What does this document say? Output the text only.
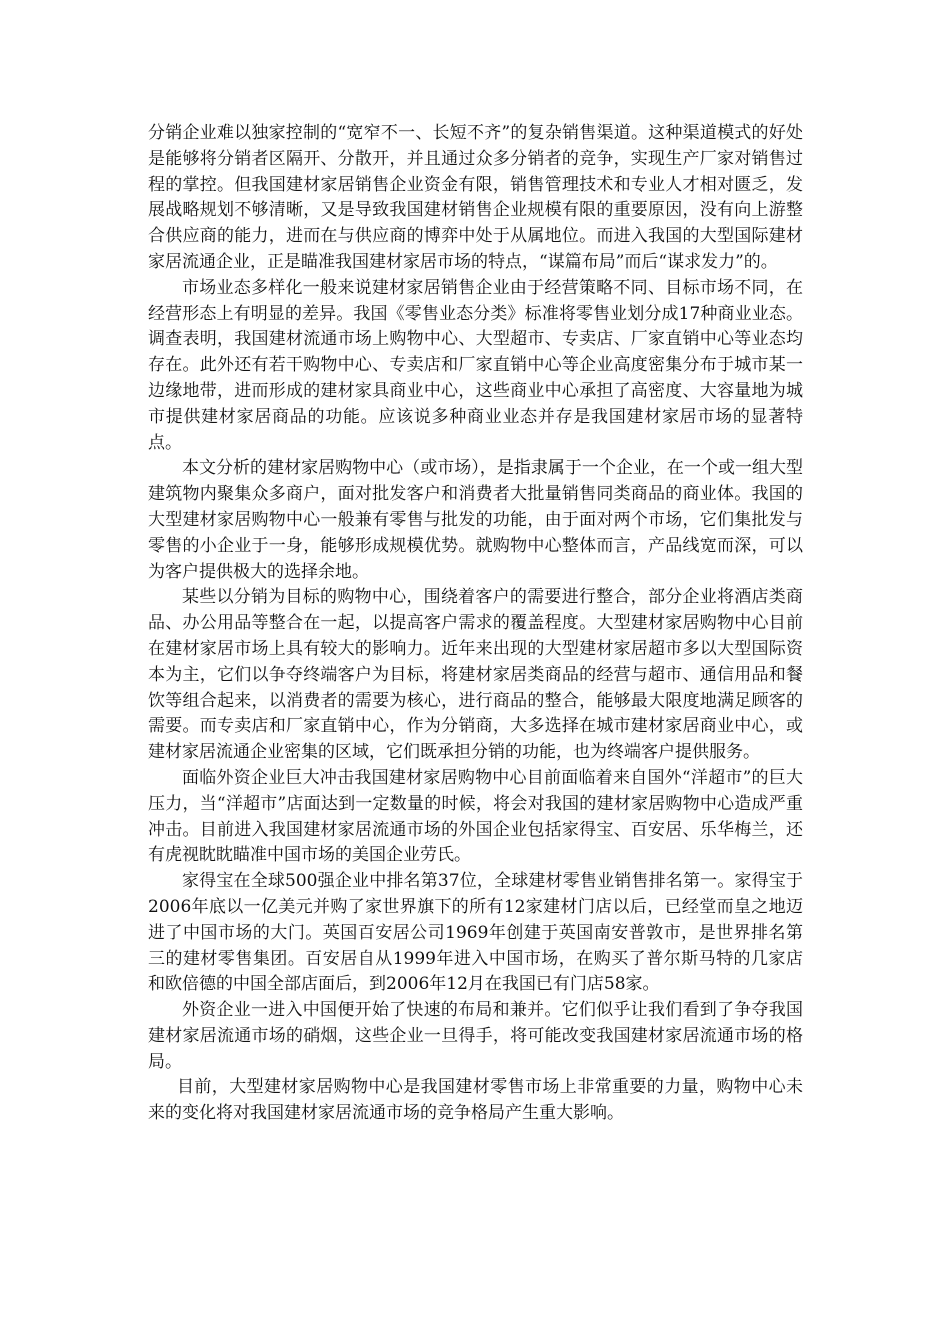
分销企业难以独家控制的“宽窄不一、长短不齐”的复杂销售渠道。这种渠道模式的好处是能够将分销者区隔开、分散开，并且通过众多分销者的竞争，实现生产厂家对销售过程的掌控。但我国建材家居销售企业资金有限，销售管理技术和专业人才相对匮乏，发展战略规划不够清晰，又是导致我国建材销售企业规模有限的重要原因，没有向上游整合供应商的能力，进而在与供应商的博弈中处于从属地位。而进入我国的大型国际建材家居流通企业，正是瞄准我国建材家居市场的特点，“谋篇布局”而后“谋求发力”的。

市场业态多样化一般来说建材家居销售企业由于经营策略不同、目标市场不同，在经营形态上有明显的差异。我国《零售业态分类》标准将零售业划分成17种商业业态。调查表明，我国建材流通市场上购物中心、大型超市、专卖店、厂家直销中心等业态均存在。此外还有若干购物中心、专卖店和厂家直销中心等企业高度密集分布于城市某一边缘地带，进而形成的建材家具商业中心，这些商业中心承担了高密度、大容量地为城市提供建材家居商品的功能。应该说多种商业业态并存是我国建材家居市场的显著特点。

本文分析的建材家居购物中心（或市场），是指隶属于一个企业，在一个或一组大型建筑物内聚集众多商户，面对批发客户和消费者大批量销售同类商品的商业体。我国的大型建材家居购物中心一般兼有零售与批发的功能，由于面对两个市场，它们集批发与零售的小企业于一身，能够形成规模优势。就购物中心整体而言，产品线宽而深，可以为客户提供极大的选择余地。

某些以分销为目标的购物中心，围绕着客户的需要进行整合，部分企业将酒店类商品、办公用品等整合在一起，以提高客户需求的覆盖程度。大型建材家居购物中心目前在建材家居市场上具有较大的影响力。近年来出现的大型建材家居超市多以大型国际资本为主，它们以争夺终端客户为目标，将建材家居类商品的经营与超市、通信用品和餐饮等组合起来，以消费者的需要为核心，进行商品的整合，能够最大限度地满足顾客的需要。而专卖店和厂家直销中心，作为分销商，大多选择在城市建材家居商业中心，或建材家居流通企业密集的区域，它们既承担分销的功能，也为终端客户提供服务。

面临外资企业巨大冲击我国建材家居购物中心目前面临着来自国外“洋超市”的巨大压力，当“洋超市”店面达到一定数量的时候，将会对我国的建材家居购物中心造成严重冲击。目前进入我国建材家居流通市场的外国企业包括家得宝、百安居、乐华梅兰，还有虎视眈眈瞄准中国市场的美国企业劳氏。

家得宝在全球500强企业中排名第37位，全球建材零售业销售排名第一。家得宝于2006年底以一亿美元并购了家世界旗下的所有12家建材门店以后，已经堂而皇之地迈进了中国市场的大门。英国百安居公司1969年创建于英国南安普敦市，是世界排名第三的建材零售集团。百安居自从1999年进入中国市场，在购买了普尔斯马特的几家店和欧倍德的中国全部店面后，到2006年12月在我国已有门店58家。

外资企业一进入中国便开始了快速的布局和兼并。它们似乎让我们看到了争夺我国建材家居流通市场的硝烟，这些企业一旦得手，将可能改变我国建材家居流通市场的格局。

目前，大型建材家居购物中心是我国建材零售市场上非常重要的力量，购物中心未来的变化将对我国建材家居流通市场的竞争格局产生重大影响。
